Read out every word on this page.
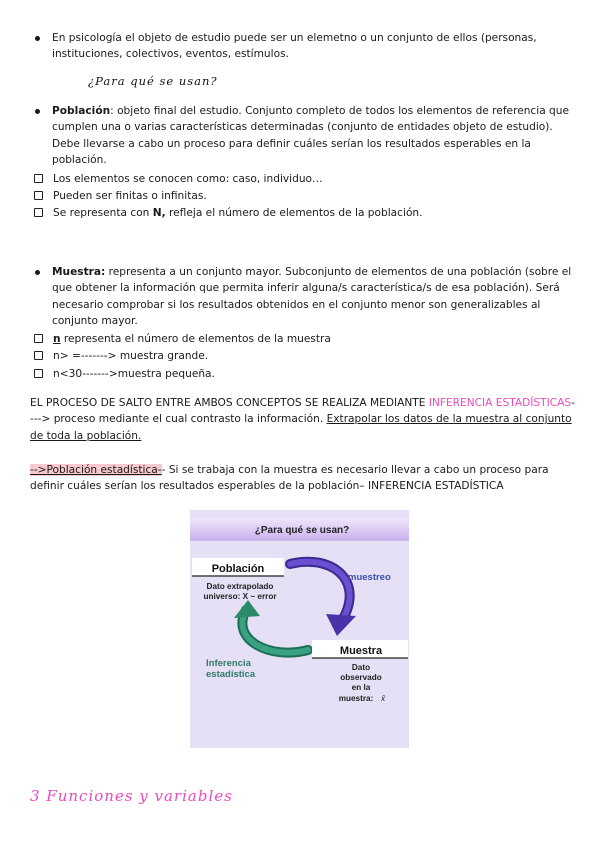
En psicología el objeto de estudio puede ser un elemetno o un conjunto de ellos (personas, instituciones, colectivos, eventos, estímulos.
¿Para qué se usan?
Población: objeto final del estudio. Conjunto completo de todos los elementos de referencia que cumplen una o varias características determinadas (conjunto de entidades objeto de estudio). Debe llevarse a cabo un proceso para definir cuáles serían los resultados esperables en la población.
Los elementos se conocen como: caso, individuo…
Pueden ser finitas o infinitas.
Se representa con N, refleja el número de elementos de la población.
Muestra: representa a un conjunto mayor. Subconjunto de elementos de una población (sobre el que obtener la información que permita inferir alguna/s característica/s de esa población). Será necesario comprobar si los resultados obtenidos en el conjunto menor son generalizables al conjunto mayor.
n representa el número de elementos de la muestra
n> =-------> muestra grande.
n<30------->muestra pequeña.
EL PROCESO DE SALTO ENTRE AMBOS CONCEPTOS SE REALIZA MEDIANTE INFERENCIA ESTADÍSTICAS----> proceso mediante el cual contrasto la información. Extrapolar los datos de la muestra al conjunto de toda la población.
-->Población estadística-- Si se trabaja con la muestra es necesario llevar a cabo un proceso para definir cuáles serían los resultados esperables de la población– INFERENCIA ESTADÍSTICA
¿Para qué se usan?
Población
Dato extrapolado
universo: X ~ error
muestreo
Inferencia
estadística
Muestra
Dato
observado
en la
muestra: x̄
3 Funciones y variables
